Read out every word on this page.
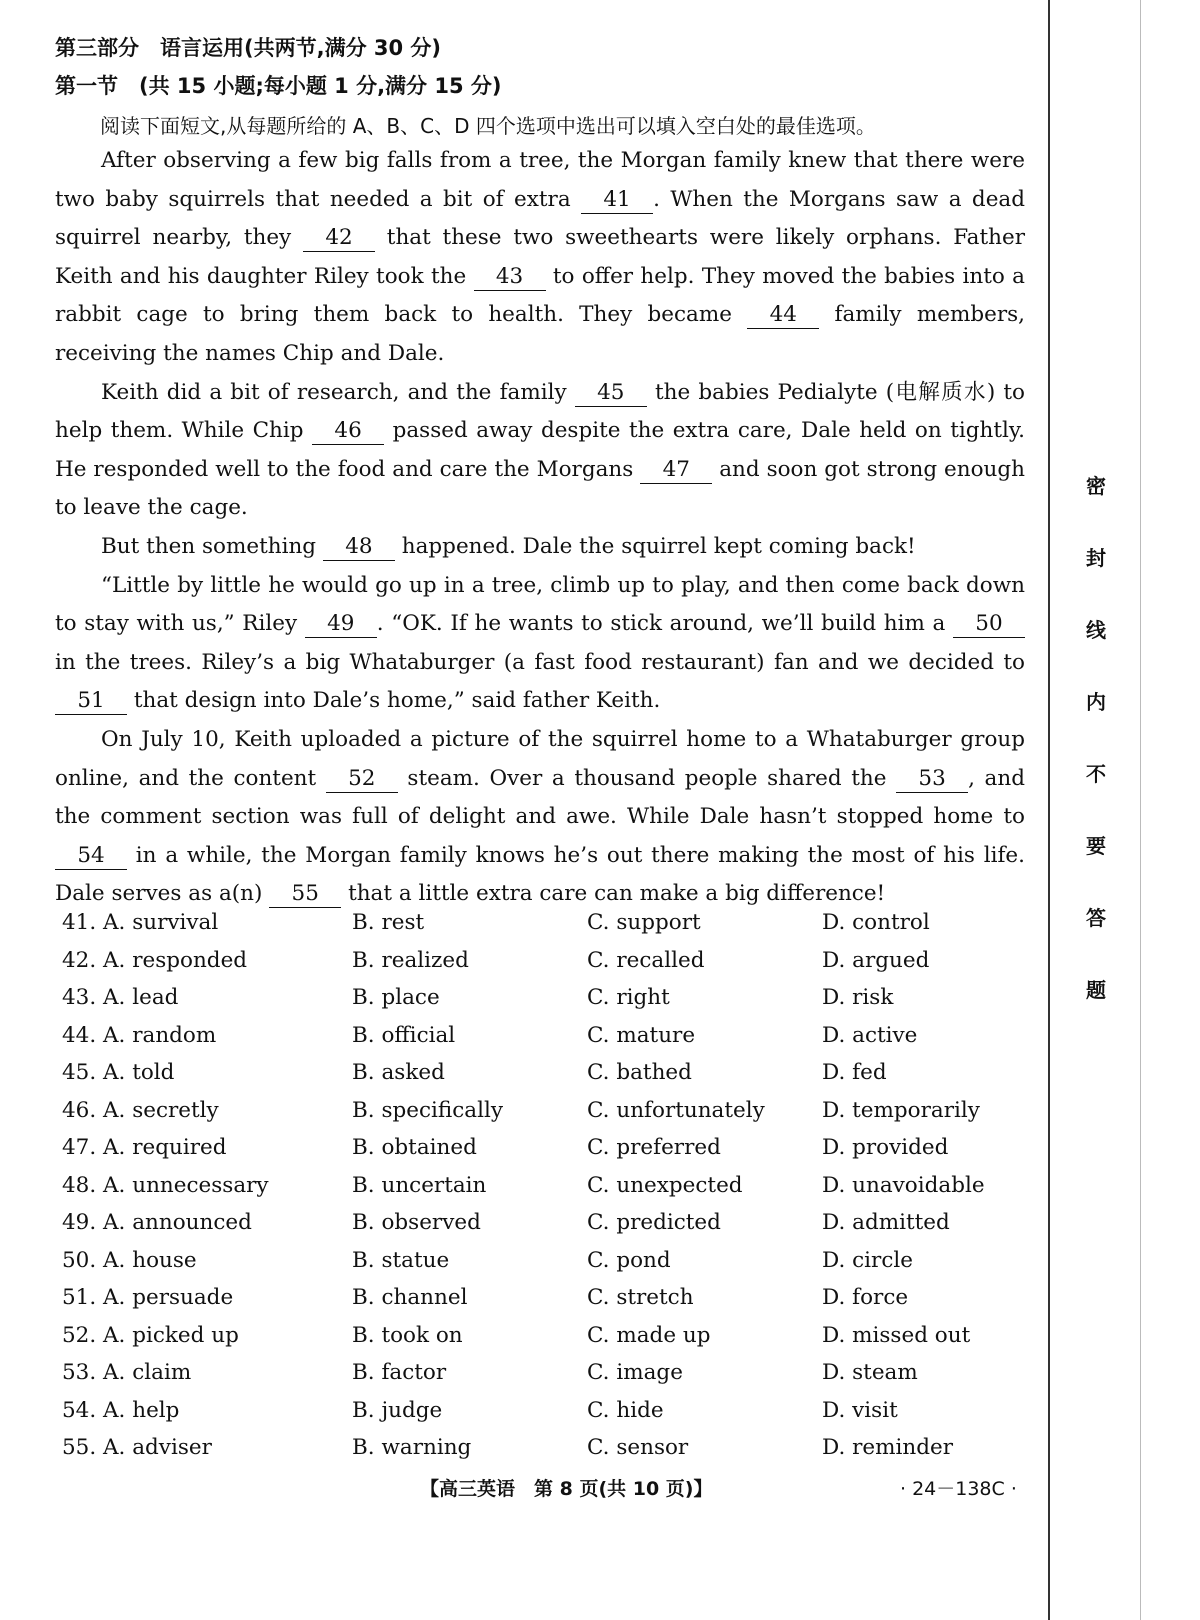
第三部分　语言运用(共两节,满分 30 分)
第一节　(共 15 小题;每小题 1 分,满分 15 分)
阅读下面短文,从每题所给的 A、B、C、D 四个选项中选出可以填入空白处的最佳选项。

After observing a few big falls from a tree, the Morgan family knew that there were two baby squirrels that needed a bit of extra 41 . When the Morgans saw a dead squirrel nearby, they 42 that these two sweethearts were likely orphans. Father Keith and his daughter Riley took the 43 to offer help. They moved the babies into a rabbit cage to bring them back to health. They became 44 family members, receiving the names Chip and Dale.

Keith did a bit of research, and the family 45 the babies Pedialyte (电解质水) to help them. While Chip 46 passed away despite the extra care, Dale held on tightly. He responded well to the food and care the Morgans 47 and soon got strong enough to leave the cage.

But then something 48 happened. Dale the squirrel kept coming back!

“Little by little he would go up in a tree, climb up to play, and then come back down to stay with us,” Riley 49 . “OK. If he wants to stick around, we’ll build him a 50 in the trees. Riley’s a big Whataburger (a fast food restaurant) fan and we decided to 51 that design into Dale’s home,” said father Keith.

On July 10, Keith uploaded a picture of the squirrel home to a Whataburger group online, and the content 52 steam. Over a thousand people shared the 53 , and the comment section was full of delight and awe. While Dale hasn’t stopped home to 54 in a while, the Morgan family knows he’s out there making the most of his life. Dale serves as a(n) 55 that a little extra care can make a big difference!

41. A. survival	B. rest	C. support	D. control
42. A. responded	B. realized	C. recalled	D. argued
43. A. lead	B. place	C. right	D. risk
44. A. random	B. official	C. mature	D. active
45. A. told	B. asked	C. bathed	D. fed
46. A. secretly	B. specifically	C. unfortunately	D. temporarily
47. A. required	B. obtained	C. preferred	D. provided
48. A. unnecessary	B. uncertain	C. unexpected	D. unavoidable
49. A. announced	B. observed	C. predicted	D. admitted
50. A. house	B. statue	C. pond	D. circle
51. A. persuade	B. channel	C. stretch	D. force
52. A. picked up	B. took on	C. made up	D. missed out
53. A. claim	B. factor	C. image	D. steam
54. A. help	B. judge	C. hide	D. visit
55. A. adviser	B. warning	C. sensor	D. reminder
【高三英语　第 8 页(共 10 页)】	· 24－138C ·
密
封
线
内
不
要
答
题
